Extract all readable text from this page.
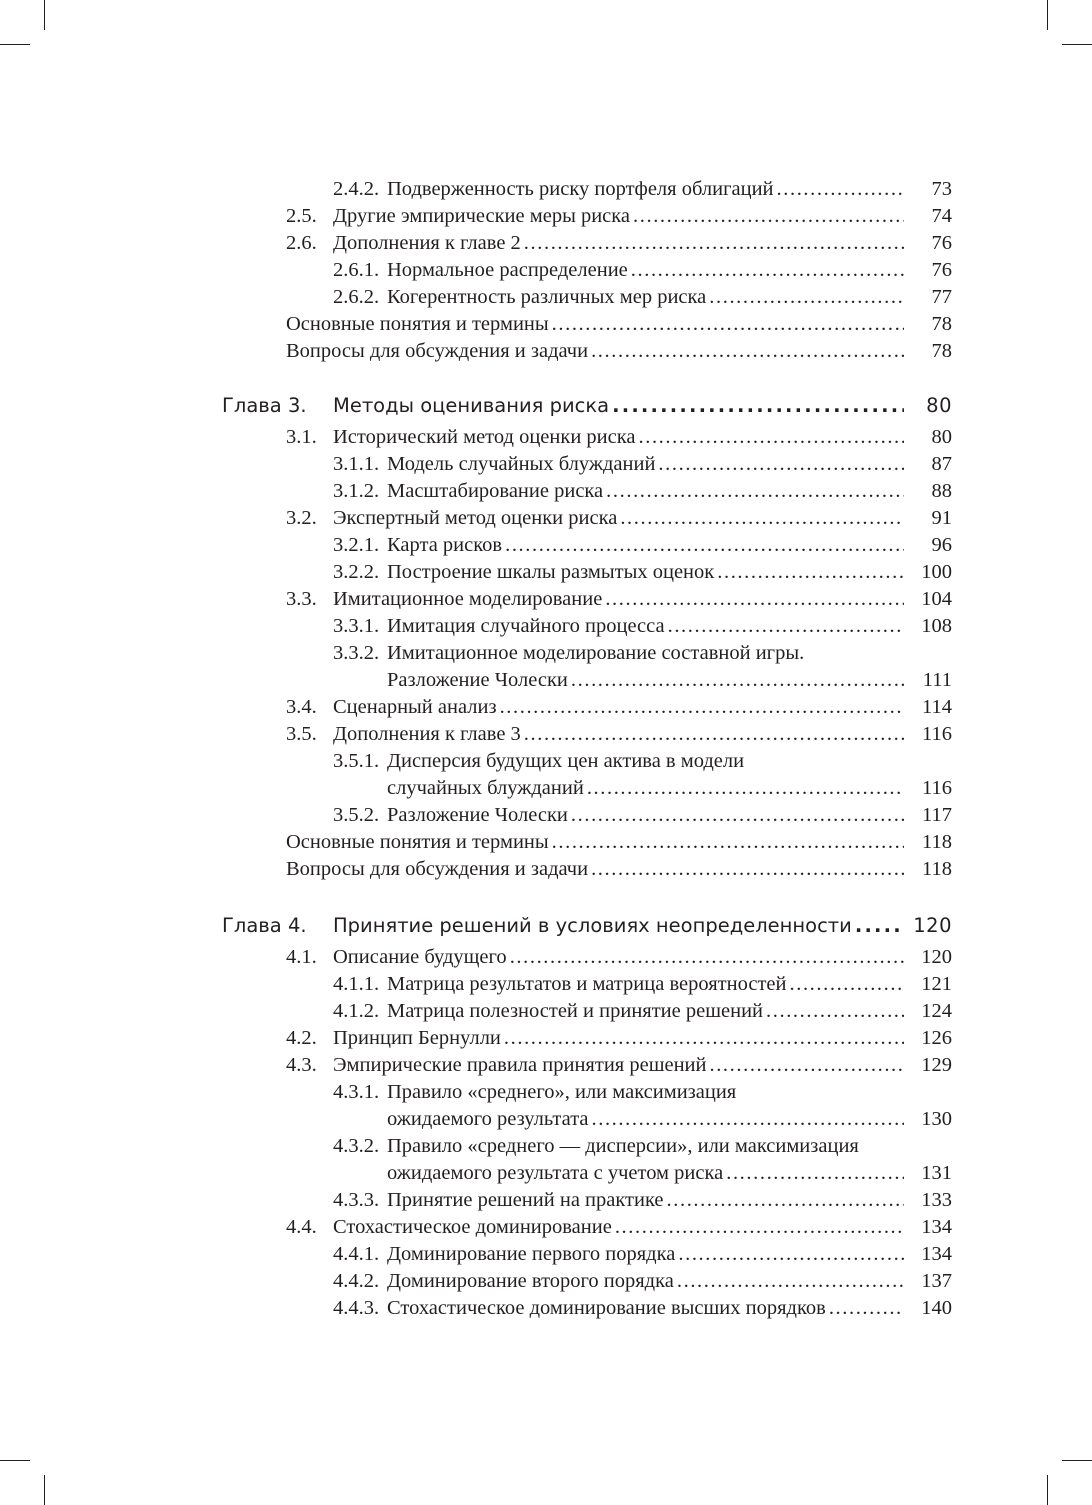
2.4.2. Подверженность риску портфеля облигаций .....	73
2.5. Другие эмпирические меры риска .....	74
2.6. Дополнения к главе 2 .....	76
2.6.1. Нормальное распределение .....	76
2.6.2. Когерентность различных мер риска .....	77
Основные понятия и термины .....	78
Вопросы для обсуждения и задачи .....	78
Глава 3. Методы оценивания риска .....	80
3.1. Исторический метод оценки риска .....	80
3.1.1. Модель случайных блужданий .....	87
3.1.2. Масштабирование риска .....	88
3.2. Экспертный метод оценки риска .....	91
3.2.1. Карта рисков .....	96
3.2.2. Построение шкалы размытых оценок .....	100
3.3. Имитационное моделирование .....	104
3.3.1. Имитация случайного процесса .....	108
3.3.2. Имитационное моделирование составной игры.
Разложение Чолески .....	111
3.4. Сценарный анализ .....	114
3.5. Дополнения к главе 3 .....	116
3.5.1. Дисперсия будущих цен актива в модели
случайных блужданий .....	116
3.5.2. Разложение Чолески .....	117
Основные понятия и термины .....	118
Вопросы для обсуждения и задачи .....	118
Глава 4. Принятие решений в условиях неопределенности .....	120
4.1. Описание будущего .....	120
4.1.1. Матрица результатов и матрица вероятностей .....	121
4.1.2. Матрица полезностей и принятие решений .....	124
4.2. Принцип Бернулли .....	126
4.3. Эмпирические правила принятия решений .....	129
4.3.1. Правило «среднего», или максимизация
ожидаемого результата .....	130
4.3.2. Правило «среднего — дисперсии», или максимизация
ожидаемого результата с учетом риска .....	131
4.3.3. Принятие решений на практике .....	133
4.4. Стохастическое доминирование .....	134
4.4.1. Доминирование первого порядка .....	134
4.4.2. Доминирование второго порядка .....	137
4.4.3. Стохастическое доминирование высших порядков .....	140
